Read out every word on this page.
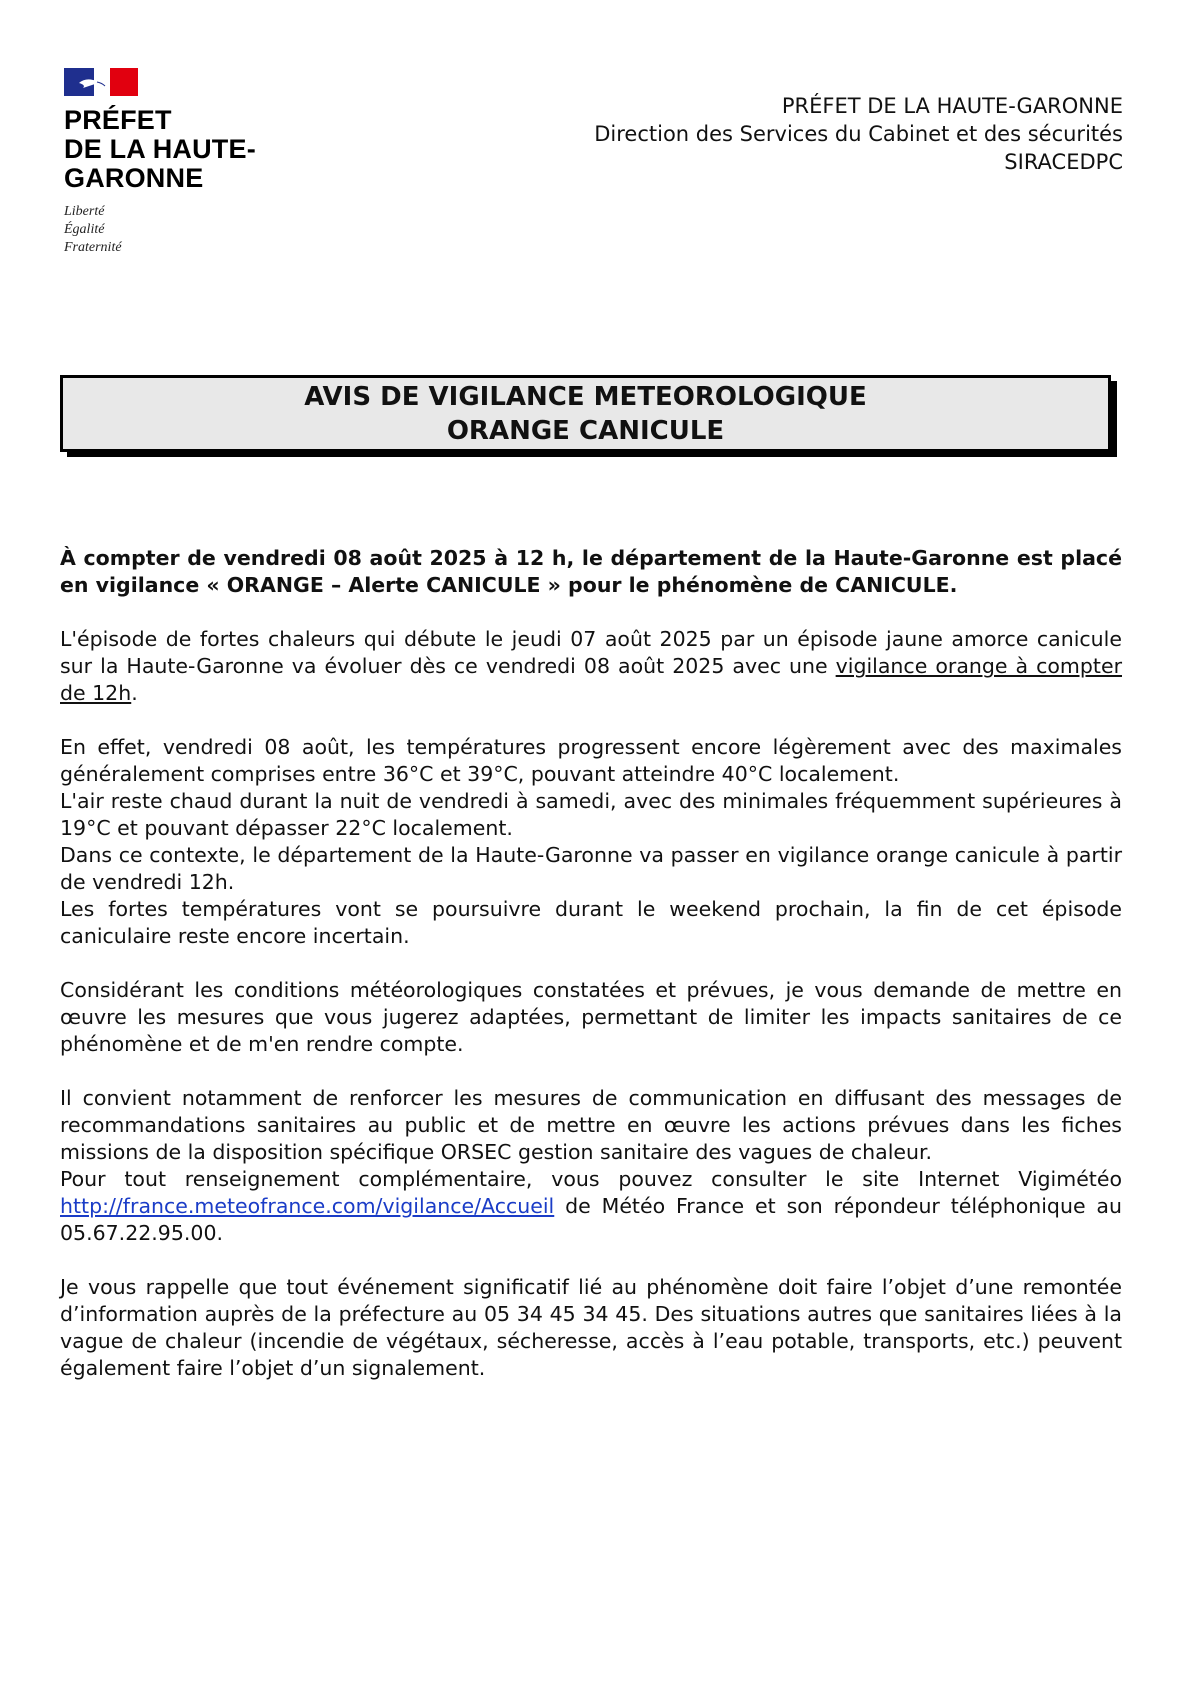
PRÉFET
DE LA HAUTE-
GARONNE
Liberté
Égalité
Fraternité
PRÉFET DE LA HAUTE-GARONNE
Direction des Services du Cabinet et des sécurités
SIRACEDPC
AVIS DE VIGILANCE METEOROLOGIQUE
ORANGE CANICULE

À compter de vendredi 08 août 2025 à 12 h, le département de la Haute-Garonne est placé en vigilance « ORANGE – Alerte CANICULE » pour le phénomène de CANICULE.

L'épisode de fortes chaleurs qui débute le jeudi 07 août 2025 par un épisode jaune amorce canicule sur la Haute-Garonne va évoluer dès ce vendredi 08 août 2025 avec une vigilance orange à compter de 12h.

En effet, vendredi 08 août, les températures progressent encore légèrement avec des maximales généralement comprises entre 36°C et 39°C, pouvant atteindre 40°C localement.
L'air reste chaud durant la nuit de vendredi à samedi, avec des minimales fréquemment supérieures à 19°C et pouvant dépasser 22°C localement.
Dans ce contexte, le département de la Haute-Garonne va passer en vigilance orange canicule à partir de vendredi 12h.
Les fortes températures vont se poursuivre durant le weekend prochain, la fin de cet épisode caniculaire reste encore incertain.

Considérant les conditions météorologiques constatées et prévues, je vous demande de mettre en œuvre les mesures que vous jugerez adaptées, permettant de limiter les impacts sanitaires de ce phénomène et de m'en rendre compte.

Il convient notamment de renforcer les mesures de communication en diffusant des messages de recommandations sanitaires au public et de mettre en œuvre les actions prévues dans les fiches missions de la disposition spécifique ORSEC gestion sanitaire des vagues de chaleur.
Pour tout renseignement complémentaire, vous pouvez consulter le site Internet Vigimétéo http://france.meteofrance.com/vigilance/Accueil de Météo France et son répondeur téléphonique au 05.67.22.95.00.

Je vous rappelle que tout événement significatif lié au phénomène doit faire l’objet d’une remontée d’information auprès de la préfecture au 05 34 45 34 45. Des situations autres que sanitaires liées à la vague de chaleur (incendie de végétaux, sécheresse, accès à l’eau potable, transports, etc.) peuvent également faire l’objet d’un signalement.
